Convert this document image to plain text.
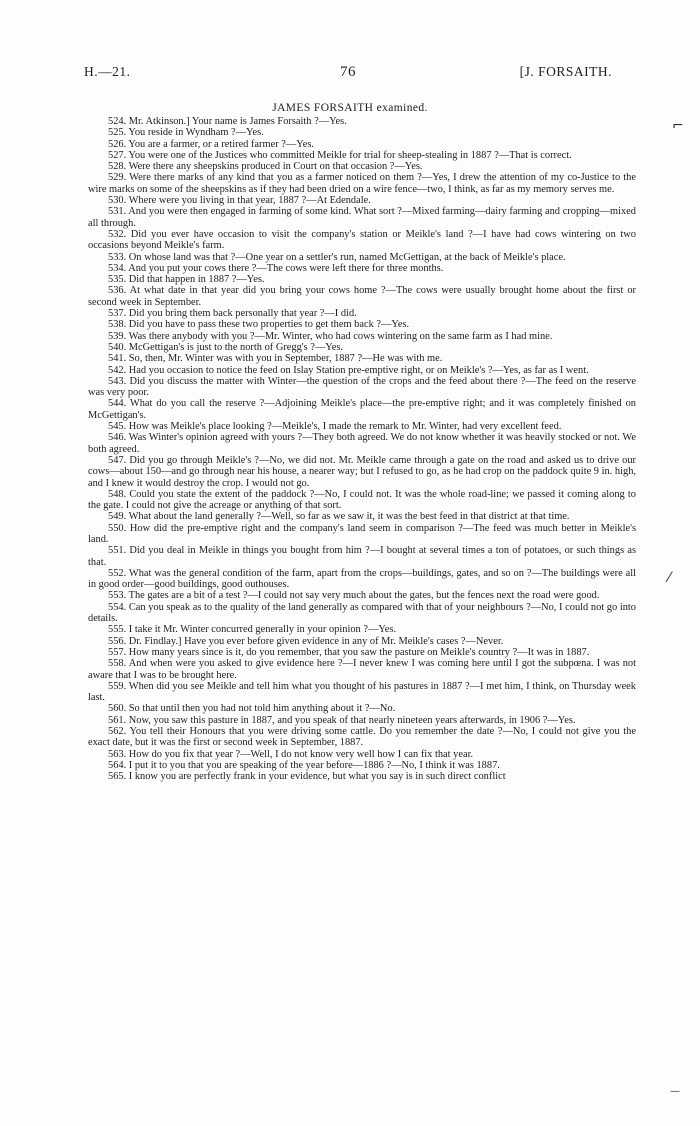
H.—21.	76	[J. FORSAITH.
JAMES FORSAITH examined.

524. Mr. Atkinson.] Your name is James Forsaith ?—Yes.

525. You reside in Wyndham ?—Yes.

526. You are a farmer, or a retired farmer ?—Yes.

527. You were one of the Justices who committed Meikle for trial for sheep-stealing in 1887 ?—That is correct.

528. Were there any sheepskins produced in Court on that occasion ?—Yes.

529. Were there marks of any kind that you as a farmer noticed on them ?—Yes, I drew the attention of my co-Justice to the wire marks on some of the sheepskins as if they had been dried on a wire fence—two, I think, as far as my memory serves me.

530. Where were you living in that year, 1887 ?—At Edendale.

531. And you were then engaged in farming of some kind. What sort ?—Mixed farming—dairy farming and cropping—mixed all through.

532. Did you ever have occasion to visit the company's station or Meikle's land ?—I have had cows wintering on two occasions beyond Meikle's farm.

533. On whose land was that ?—One year on a settler's run, named McGettigan, at the back of Meikle's place.

534. And you put your cows there ?—The cows were left there for three months.

535. Did that happen in 1887 ?—Yes.

536. At what date in that year did you bring your cows home ?—The cows were usually brought home about the first or second week in September.

537. Did you bring them back personally that year ?—I did.

538. Did you have to pass these two properties to get them back ?—Yes.

539. Was there anybody with you ?—Mr. Winter, who had cows wintering on the same farm as I had mine.

540. McGettigan's is just to the north of Gregg's ?—Yes.

541. So, then, Mr. Winter was with you in September, 1887 ?—He was with me.

542. Had you occasion to notice the feed on Islay Station pre-emptive right, or on Meikle's ?—Yes, as far as I went.

543. Did you discuss the matter with Winter—the question of the crops and the feed about there ?—The feed on the reserve was very poor.

544. What do you call the reserve ?—Adjoining Meikle's place—the pre-emptive right; and it was completely finished on McGettigan's.

545. How was Meikle's place looking ?—Meikle's, I made the remark to Mr. Winter, had very excellent feed.

546. Was Winter's opinion agreed with yours ?—They both agreed. We do not know whether it was heavily stocked or not. We both agreed.

547. Did you go through Meikle's ?—No, we did not. Mr. Meikle came through a gate on the road and asked us to drive our cows—about 150—and go through near his house, a nearer way; but I refused to go, as he had crop on the paddock quite 9 in. high, and I knew it would destroy the crop. I would not go.

548. Could you state the extent of the paddock ?—No, I could not. It was the whole road-line; we passed it coming along to the gate. I could not give the acreage or anything of that sort.

549. What about the land generally ?—Well, so far as we saw it, it was the best feed in that district at that time.

550. How did the pre-emptive right and the company's land seem in comparison ?—The feed was much better in Meikle's land.

551. Did you deal in Meikle in things you bought from him ?—I bought at several times a ton of potatoes, or such things as that.

552. What was the general condition of the farm, apart from the crops—buildings, gates, and so on ?—The buildings were all in good order—good buildings, good outhouses.

553. The gates are a bit of a test ?—I could not say very much about the gates, but the fences next the road were good.

554. Can you speak as to the quality of the land generally as compared with that of your neighbours ?—No, I could not go into details.

555. I take it Mr. Winter concurred generally in your opinion ?—Yes.

556. Dr. Findlay.] Have you ever before given evidence in any of Mr. Meikle's cases ?—Never.

557. How many years since is it, do you remember, that you saw the pasture on Meikle's country ?—It was in 1887.

558. And when were you asked to give evidence here ?—I never knew I was coming here until I got the subpœna. I was not aware that I was to be brought here.

559. When did you see Meikle and tell him what you thought of his pastures in 1887 ?—I met him, I think, on Thursday week last.

560. So that until then you had not told him anything about it ?—No.

561. Now, you saw this pasture in 1887, and you speak of that nearly nineteen years afterwards, in 1906 ?—Yes.

562. You tell their Honours that you were driving some cattle. Do you remember the date ?—No, I could not give you the exact date, but it was the first or second week in September, 1887.

563. How do you fix that year ?—Well, I do not know very well how I can fix that year.

564. I put it to you that you are speaking of the year before—1886 ?—No, I think it was 1887.

565. I know you are perfectly frank in your evidence, but what you say is in such direct conflict

⌐
⁄
—
